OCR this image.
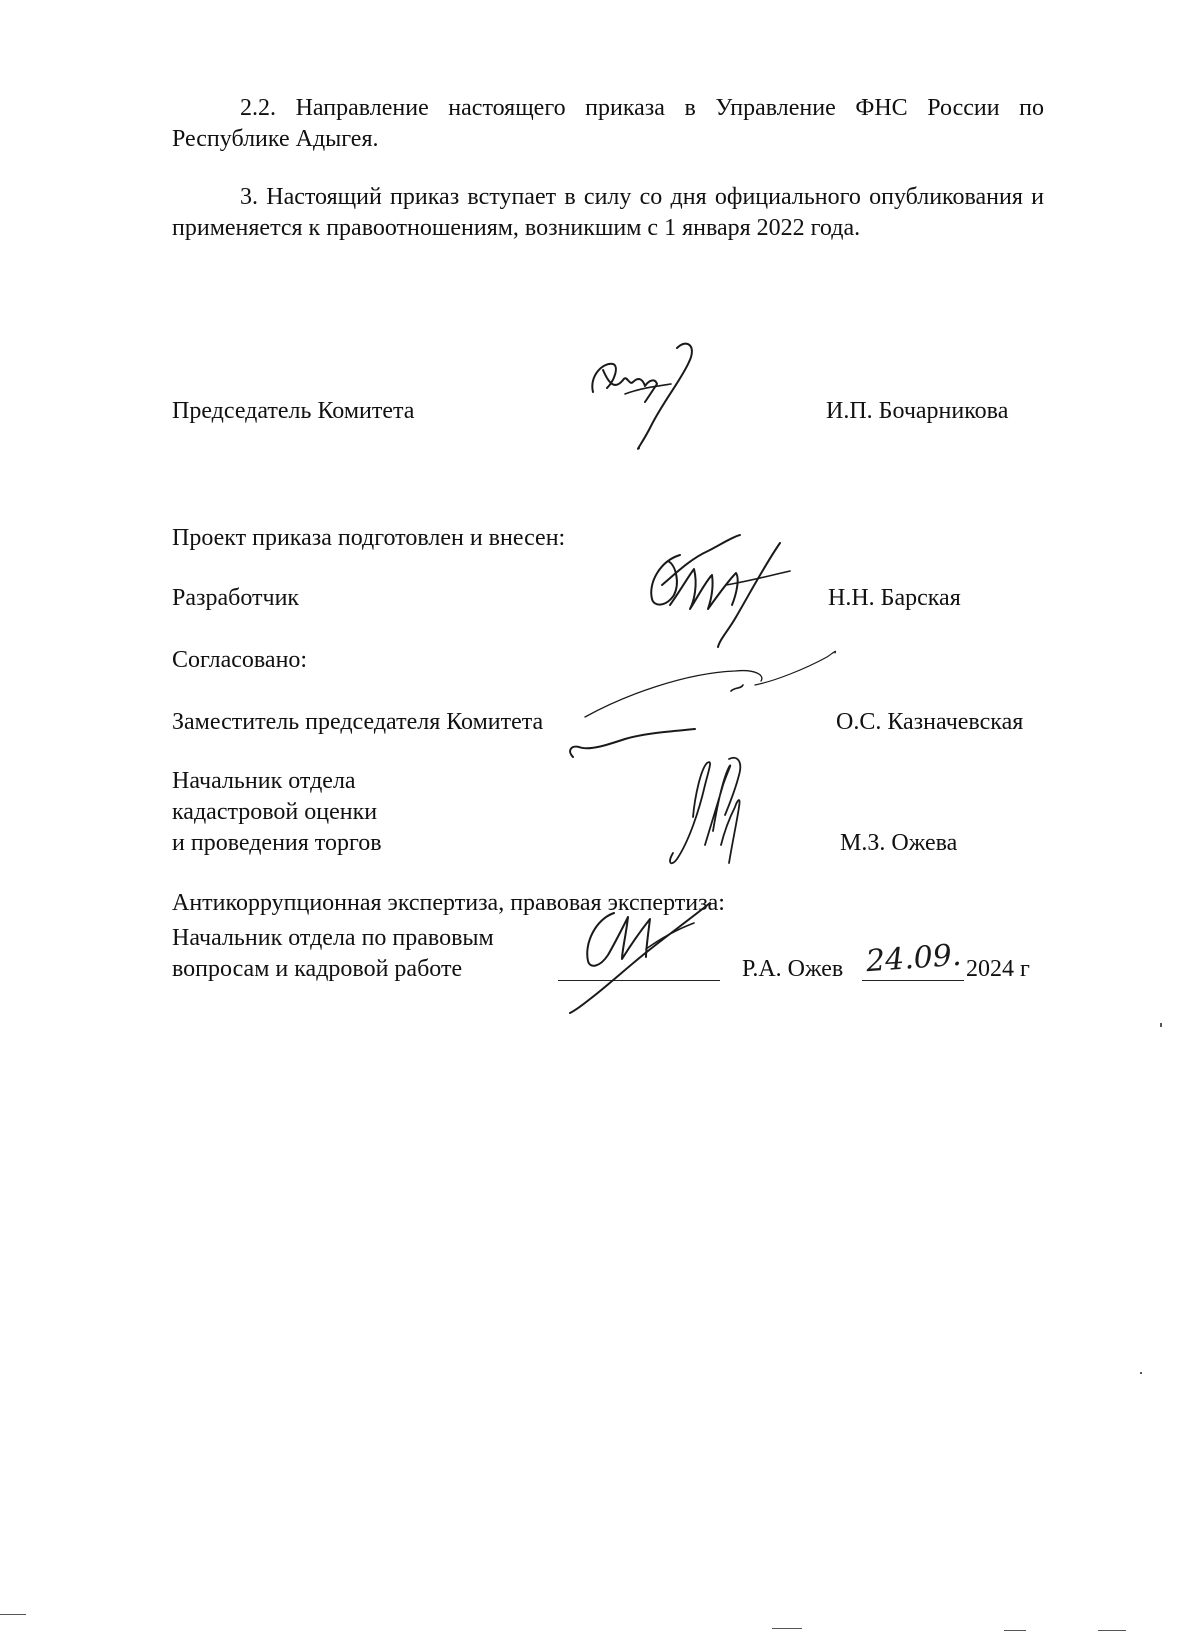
2.2. Направление настоящего приказа в Управление ФНС России по Республике Адыгея.
3. Настоящий приказ вступает в силу со дня официального опубликования и применяется к правоотношениям, возникшим с 1 января 2022 года.
Председатель Комитета	И.П. Бочарникова
Проект приказа подготовлен и внесен:
Разработчик	Н.Н. Барская
Согласовано:
Заместитель председателя Комитета	О.С. Казначевская
Начальник отдела
кадастровой оценки
и проведения торгов	М.З. Ожева
Антикоррупционная экспертиза, правовая экспертиза:
Начальник отдела по правовым
вопросам и кадровой работе	Р.А. Ожев 24.09. 2024 г
